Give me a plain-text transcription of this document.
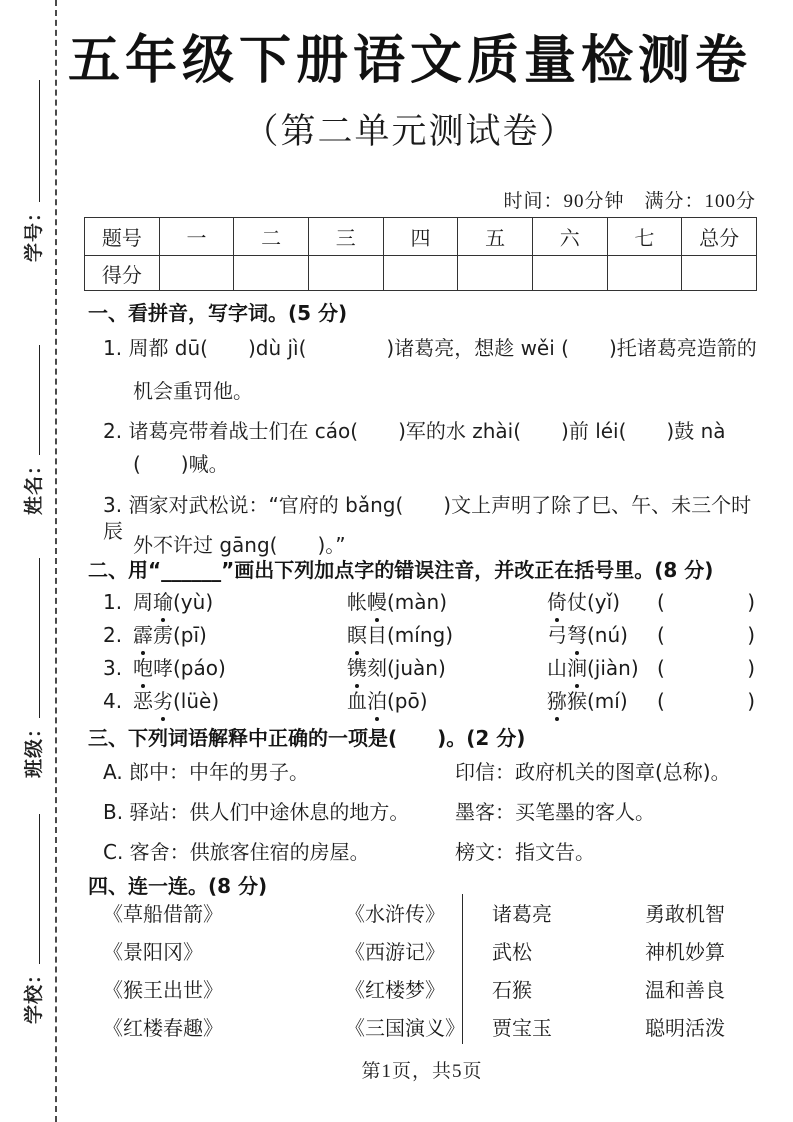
学号：
姓名：
班级：
学校：
五年级下册语文质量检测卷
（第二单元测试卷）
时间：90分钟　满分：100分
题号	一	二	三	四	五	六	七	总分
得分								
一、看拼音，写字词。(5 分)
1. 周都 dū(　　)dù jì(　　　　)诸葛亮，想趁 wěi (　　)托诸葛亮造箭的
机会重罚他。
2. 诸葛亮带着战士们在 cáo(　　)军的水 zhài(　　)前 léi(　　)鼓 nà
(　　)喊。
3. 酒家对武松说：“官府的 bǎng(　　)文上声明了除了巳、午、未三个时辰
外不许过 gāng(　　)。”
二、用“______”画出下列加点字的错误注音，并改正在括号里。(8 分)
1. 周瑜(yù)	帐幔(màn)	倚仗(yǐ)	(	)
2. 霹雳(pī)	瞑目(míng)	弓弩(nú)	(	)
3. 咆哮(páo)	镌刻(juàn)	山涧(jiàn) (	)
4. 恶劣(lüè)	血泊(pō)	猕猴(mí)	(	)
三、下列词语解释中正确的一项是(　　)。(2 分)
A. 郎中：中年的男子。	印信：政府机关的图章(总称)。
B. 驿站：供人们中途休息的地方。	墨客：买笔墨的客人。
C. 客舍：供旅客住宿的房屋。	榜文：指文告。
四、连一连。(8 分)
《草船借箭》	《水浒传》	诸葛亮	勇敢机智
《景阳冈》	《西游记》	武松	神机妙算
《猴王出世》	《红楼梦》	石猴	温和善良
《红楼春趣》	《三国演义》	贾宝玉	聪明活泼
第1页，共5页
